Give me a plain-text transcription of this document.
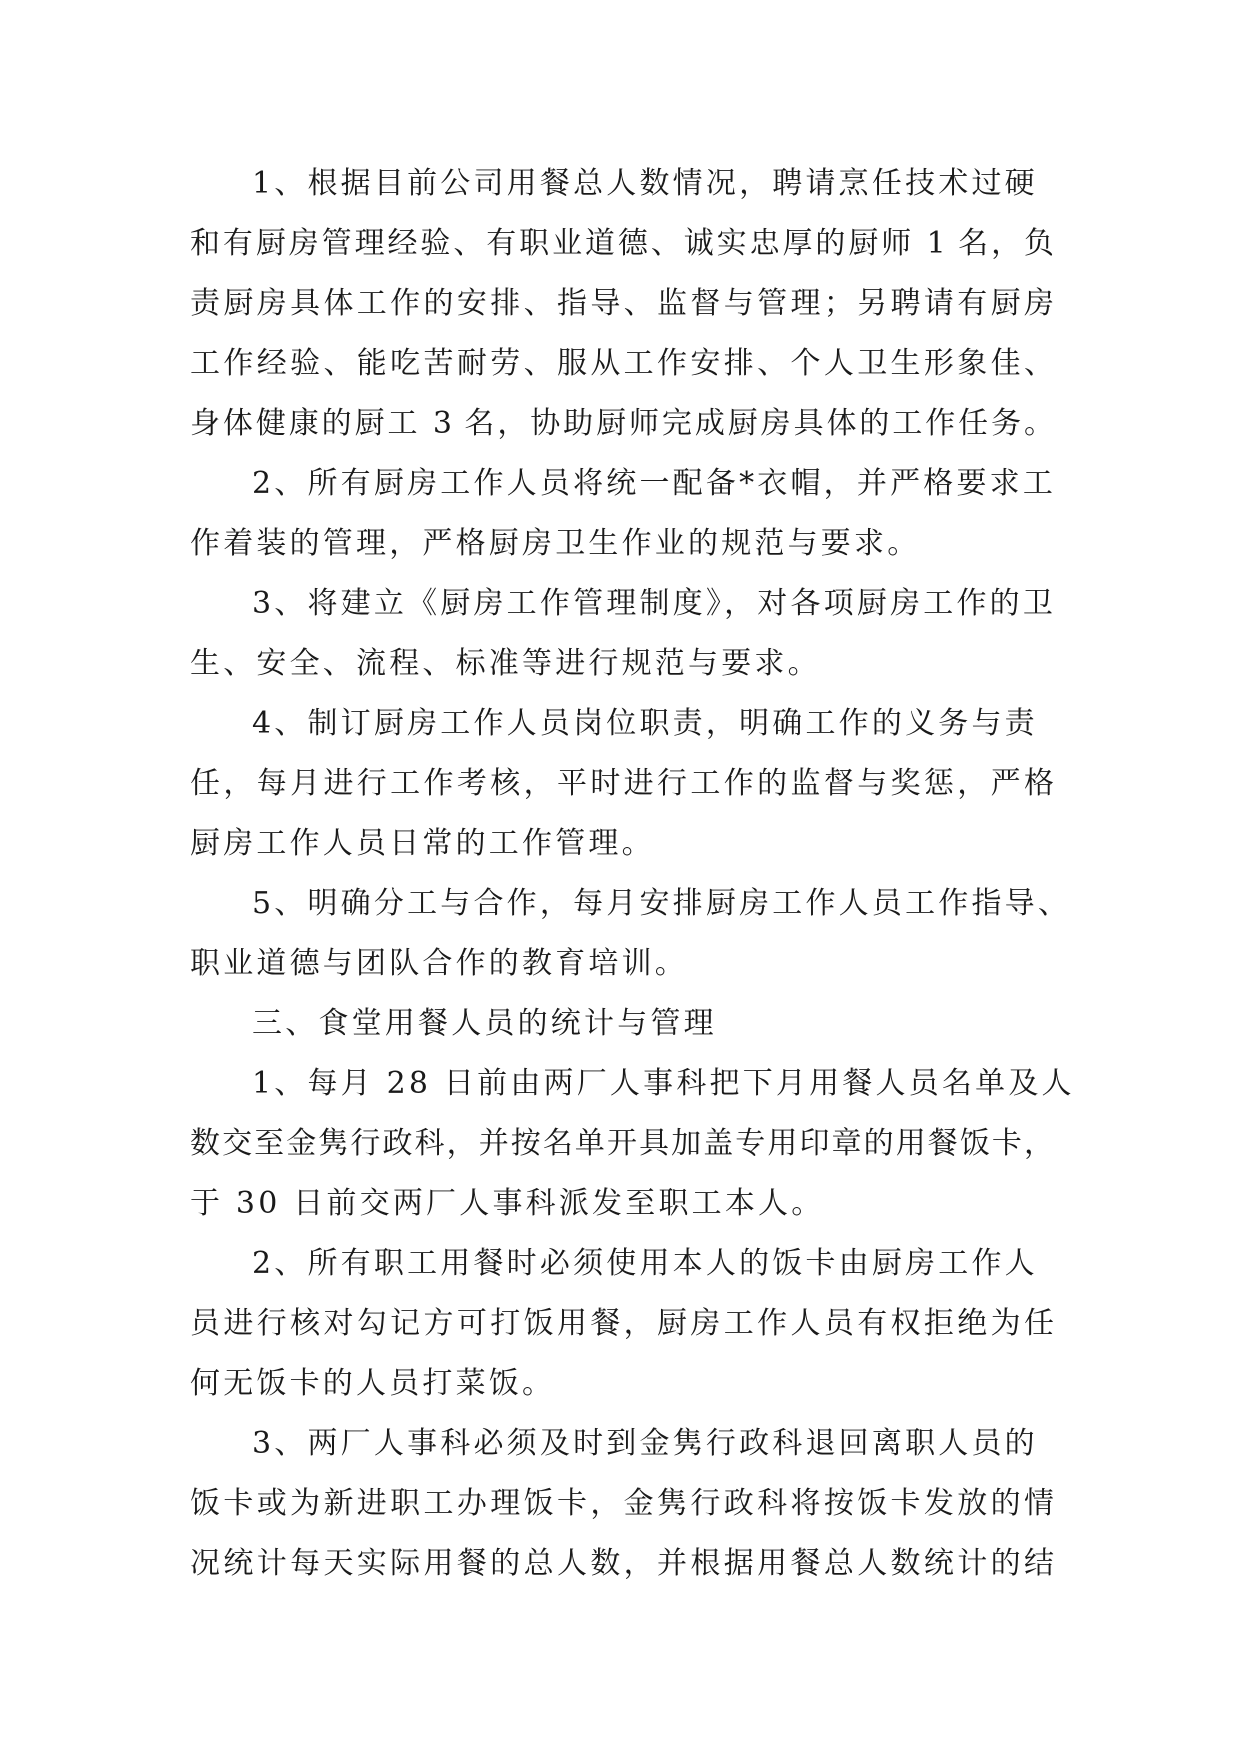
1、根据目前公司用餐总人数情况，聘请烹任技术过硬
和有厨房管理经验、有职业道德、诚实忠厚的厨师 1 名，负
责厨房具体工作的安排、指导、监督与管理；另聘请有厨房
工作经验、能吃苦耐劳、服从工作安排、个人卫生形象佳、
身体健康的厨工 3 名，协助厨师完成厨房具体的工作任务。
2、所有厨房工作人员将统一配备*衣帽，并严格要求工
作着装的管理，严格厨房卫生作业的规范与要求。
3、将建立《厨房工作管理制度》，对各项厨房工作的卫
生、安全、流程、标准等进行规范与要求。
4、制订厨房工作人员岗位职责，明确工作的义务与责
任，每月进行工作考核，平时进行工作的监督与奖惩，严格
厨房工作人员日常的工作管理。
5、明确分工与合作，每月安排厨房工作人员工作指导、
职业道德与团队合作的教育培训。
三、食堂用餐人员的统计与管理
1、每月 28 日前由两厂人事科把下月用餐人员名单及人
数交至金隽行政科，并按名单开具加盖专用印章的用餐饭卡，
于 30 日前交两厂人事科派发至职工本人。
2、所有职工用餐时必须使用本人的饭卡由厨房工作人
员进行核对勾记方可打饭用餐，厨房工作人员有权拒绝为任
何无饭卡的人员打菜饭。
3、两厂人事科必须及时到金隽行政科退回离职人员的
饭卡或为新进职工办理饭卡，金隽行政科将按饭卡发放的情
况统计每天实际用餐的总人数，并根据用餐总人数统计的结
